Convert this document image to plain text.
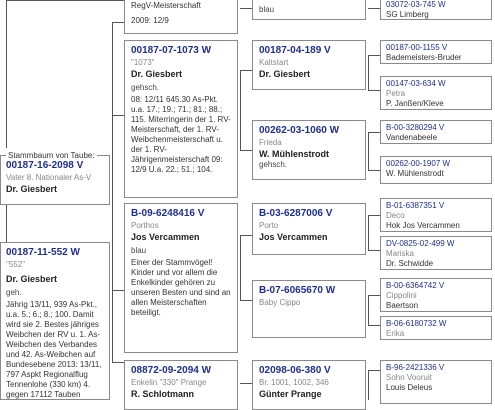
00187-16-2098 V
Vater 8. Nationaler As-V
Dr. Giesbert
Stammbaum von Taube:
00187-11-552 W
"552"
Dr. Giesbert
geh.
Jährig 13/11, 939 As-Pkt., u.a. 5.; 6.; 8.; 100. Damit wird sie 2. Bestes jähriges Weibchen der RV u. 1. As-Weibchen des Verbandes und 42. As-Weibchen auf Bundesebene 2013: 13/11, 797 Aspkt Regionalflug Tennenlohe (330 km) 4. gegen 17112 Tauben
RegV-Meisterschaft
2009: 12/9
00187-07-1073 W
"1073"
Dr. Giesbert
gehsch.
08: 12/11 645.30 As-Pkt. u.a. 17.; 19.; 71.; 81.; 88.; 115. Miterringerin der 1. RV-Meisterschaft, der 1. RV-Weibchenmeisterschaft u. der 1. RV-Jährigenmeisterschaft 09: 12/9 U.a. 22.; 51.; 104.
B-09-6248416 V
Porthos
Jos Vercammen
blau
Einer der Stammvögel! Kinder und vor allem die Enkelkinder gehören zu unseren Besten und sind an allen Meisterschaften beteiligt.
08872-09-2094 W
Enkelin "330" Prange
R. Schlotmann
blau
00187-04-189 V
Kaltstart
Dr. Giesbert
00262-03-1060 W
Frieda
W. Mühlenstrodt
gehsch.
B-03-6287006 V
Porto
Jos Vercammen
B-07-6065670 W
Baby Cippo
02098-06-380 V
Br. 1001, 1002, 346
Günter Prange
03072-03-745 W
SG Limberg
00187-00-1155 V
Bademeisters-Bruder
00147-03-634 W
Petra
P. Janßen/Kleve
B-00-3280294 V
Vandenabeele
00262-00-1907 W
W. Mühlenstrodt
B-01-6387351 V
Deco
Hok Jos Vercammen
DV-0825-02-499 W
Mariska
Dr. Schwidde
B-00-6364742 V
Cippolini
Baertson
B-06-6180732 W
Erika
B-96-2421336 V
Sohn Vooruit
Louis Deleus
